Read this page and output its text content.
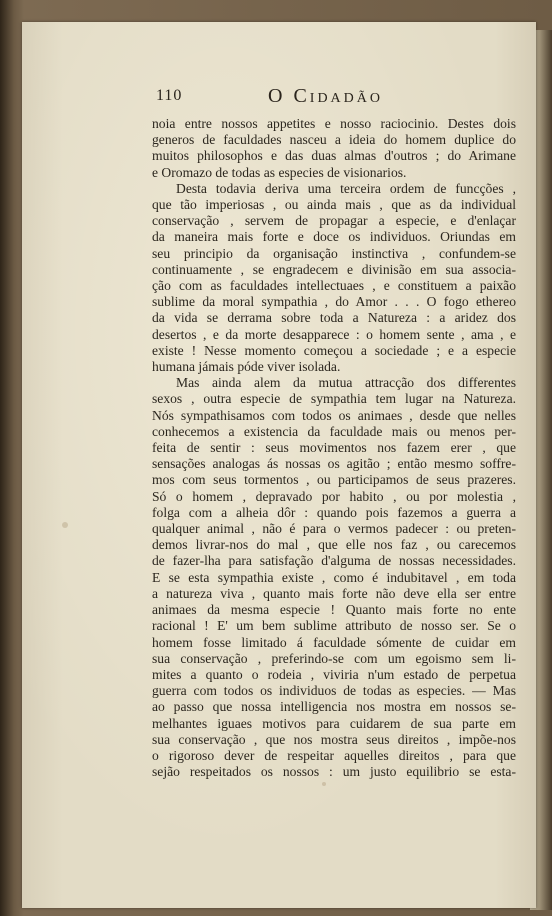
110	O Cidadão
noia entre nossos appetites e nosso raciocinio. Destes dois
generos de faculdades nasceu a ideia do homem duplice do
muitos philosophos e das duas almas d'outros ; do Arimane
e Oromazo de todas as especies de visionarios.
Desta todavia deriva uma terceira ordem de funcções ,
que tão imperiosas , ou ainda mais , que as da individual
conservação , servem de propagar a especie, e d'enlaçar
da maneira mais forte e doce os individuos. Oriundas em
seu principio da organisação instinctiva , confundem-se
continuamente , se engradecem e divinisão em sua associa-
ção com as faculdades intellectuaes , e constituem a paixão
sublime da moral sympathia , do Amor . . . O fogo ethereo
da vida se derrama sobre toda a Natureza : a aridez dos
desertos , e da morte desapparece : o homem sente , ama , e
existe ! Nesse momento começou a sociedade ; e a especie
humana jámais póde viver isolada.
Mas ainda alem da mutua attracção dos differentes
sexos , outra especie de sympathia tem lugar na Natureza.
Nós sympathisamos com todos os animaes , desde que nelles
conhecemos a existencia da faculdade mais ou menos per-
feita de sentir : seus movimentos nos fazem erer , que
sensações analogas ás nossas os agitão ; então mesmo soffre-
mos com seus tormentos , ou participamos de seus prazeres.
Só o homem , depravado por habito , ou por molestia ,
folga com a alheia dôr : quando pois fazemos a guerra a
qualquer animal , não é para o vermos padecer : ou preten-
demos livrar-nos do mal , que elle nos faz , ou carecemos
de fazer-lha para satisfação d'alguma de nossas necessidades.
E se esta sympathia existe , como é indubitavel , em toda
a natureza viva , quanto mais forte não deve ella ser entre
animaes da mesma especie ! Quanto mais forte no ente
racional ! E' um bem sublime attributo de nosso ser. Se o
homem fosse limitado á faculdade sómente de cuidar em
sua conservação , preferindo-se com um egoismo sem li-
mites a quanto o rodeia , viviria n'um estado de perpetua
guerra com todos os individuos de todas as especies. — Mas
ao passo que nossa intelligencia nos mostra em nossos se-
melhantes iguaes motivos para cuidarem de sua parte em
sua conservação , que nos mostra seus direitos , impõe-nos
o rigoroso dever de respeitar aquelles direitos , para que
sejão respeitados os nossos : um justo equilibrio se esta-
